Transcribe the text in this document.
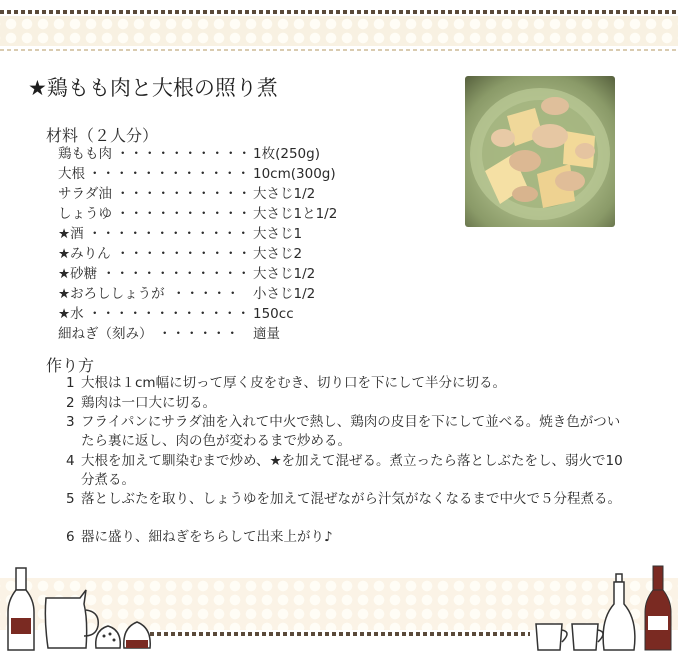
★鶏もも肉と大根の照り煮
材料（２人分）
鶏もも肉 ・・・・・・・・・・ 1枚(250g)
大根 ・・・・・・・・・・・・ 10cm(300g)
サラダ油 ・・・・・・・・・・ 大さじ1/2
しょうゆ ・・・・・・・・・・ 大さじ1と1/2
★酒 ・・・・・・・・・・・・ 大さじ1
★みりん ・・・・・・・・・・ 大さじ2
★砂糖 ・・・・・・・・・・・ 大さじ1/2
★おろししょうが ・・・・・ 小さじ1/2
★水 ・・・・・・・・・・・・ 150cc
細ねぎ（刻み） ・・・・・・ 適量
作り方
1 大根は１cm幅に切って厚く皮をむき、切り口を下にして半分に切る。
2 鶏肉は一口大に切る。
3 フライパンにサラダ油を入れて中火で熱し、鶏肉の皮目を下にして並べる。焼き色がついたら裏に返し、肉の色が変わるまで炒める。
4 大根を加えて馴染むまで炒め、★を加えて混ぜる。煮立ったら落としぶたをし、弱火で10分煮る。
5 落としぶたを取り、しょうゆを加えて混ぜながら汁気がなくなるまで中火で５分程煮る。
6 器に盛り、細ねぎをちらして出来上がり♪
